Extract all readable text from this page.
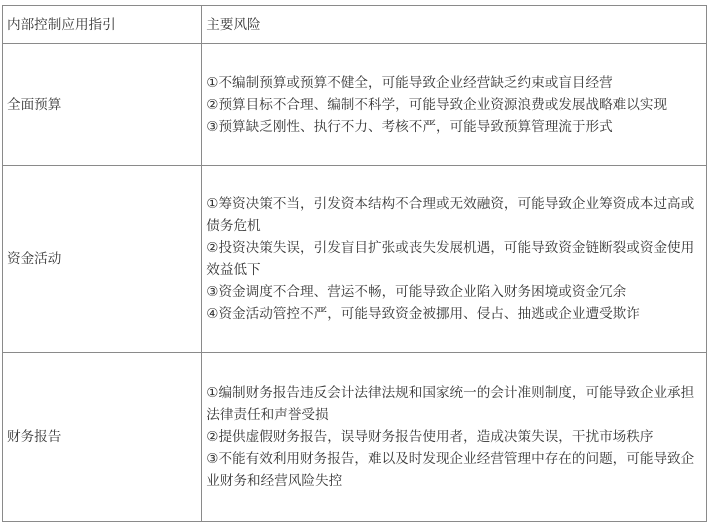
内部控制应用指引	主要风险

全面预算	①不编制预算或预算不健全，可能导致企业经营缺乏约束或盲目经营

②预算目标不合理、编制不科学，可能导致企业资源浪费或发展战略难以实现

③预算缺乏刚性、执行不力、考核不严，可能导致预算管理流于形式

资金活动	①筹资决策不当，引发资本结构不合理或无效融资，可能导致企业筹资成本过高或债务危机

②投资决策失误，引发盲目扩张或丧失发展机遇，可能导致资金链断裂或资金使用效益低下

③资金调度不合理、营运不畅，可能导致企业陷入财务困境或资金冗余

④资金活动管控不严，可能导致资金被挪用、侵占、抽逃或企业遭受欺诈

财务报告	①编制财务报告违反会计法律法规和国家统一的会计准则制度，可能导致企业承担法律责任和声誉受损

②提供虚假财务报告，误导财务报告使用者，造成决策失误，干扰市场秩序

③不能有效利用财务报告，难以及时发现企业经营管理中存在的问题，可能导致企业财务和经营风险失控
